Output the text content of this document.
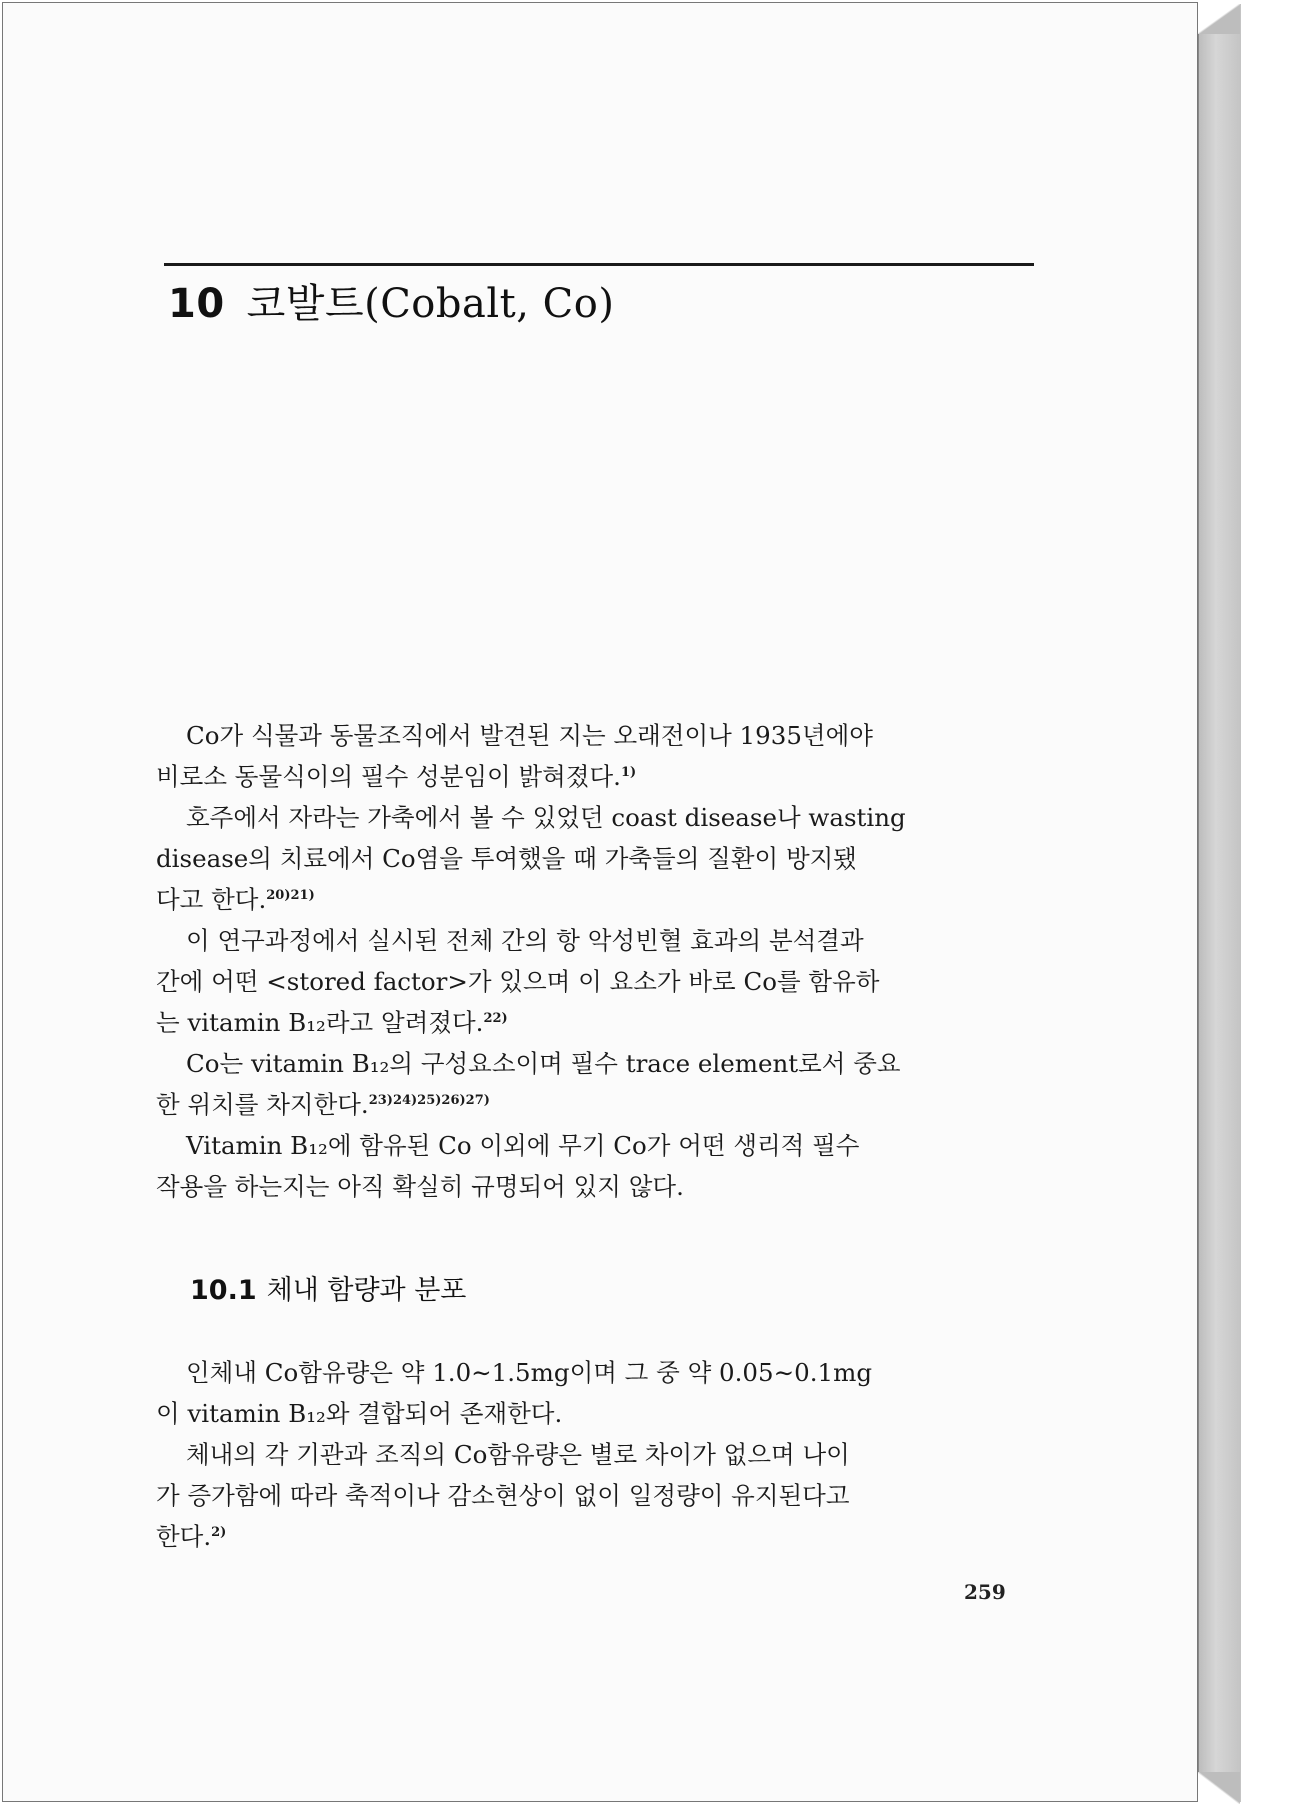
10 코발트(Cobalt, Co)
Co가 식물과 동물조직에서 발견된 지는 오래전이나 1935년에야
비로소 동물식이의 필수 성분임이 밝혀졌다.$^{1)}$
호주에서 자라는 가축에서 볼 수 있었던 coast disease나 wasting
disease의 치료에서 Co염을 투여했을 때 가축들의 질환이 방지됐
다고 한다.$^{20)21)}$
이 연구과정에서 실시된 전체 간의 항 악성빈혈 효과의 분석결과
간에 어떤 <stored factor>가 있으며 이 요소가 바로 Co를 함유하
는 vitamin B₁₂라고 알려졌다.$^{22)}$
Co는 vitamin B₁₂의 구성요소이며 필수 trace element로서 중요
한 위치를 차지한다.$^{23)24)25)26)27)}$
Vitamin B₁₂에 함유된 Co 이외에 무기 Co가 어떤 생리적 필수
작용을 하는지는 아직 확실히 규명되어 있지 않다.
10.1 체내 함량과 분포
인체내 Co함유량은 약 1.0∼1.5mg이며 그 중 약 0.05∼0.1mg
이 vitamin B₁₂와 결합되어 존재한다.
체내의 각 기관과 조직의 Co함유량은 별로 차이가 없으며 나이
가 증가함에 따라 축적이나 감소현상이 없이 일정량이 유지된다고
한다.$^{2)}$
259
